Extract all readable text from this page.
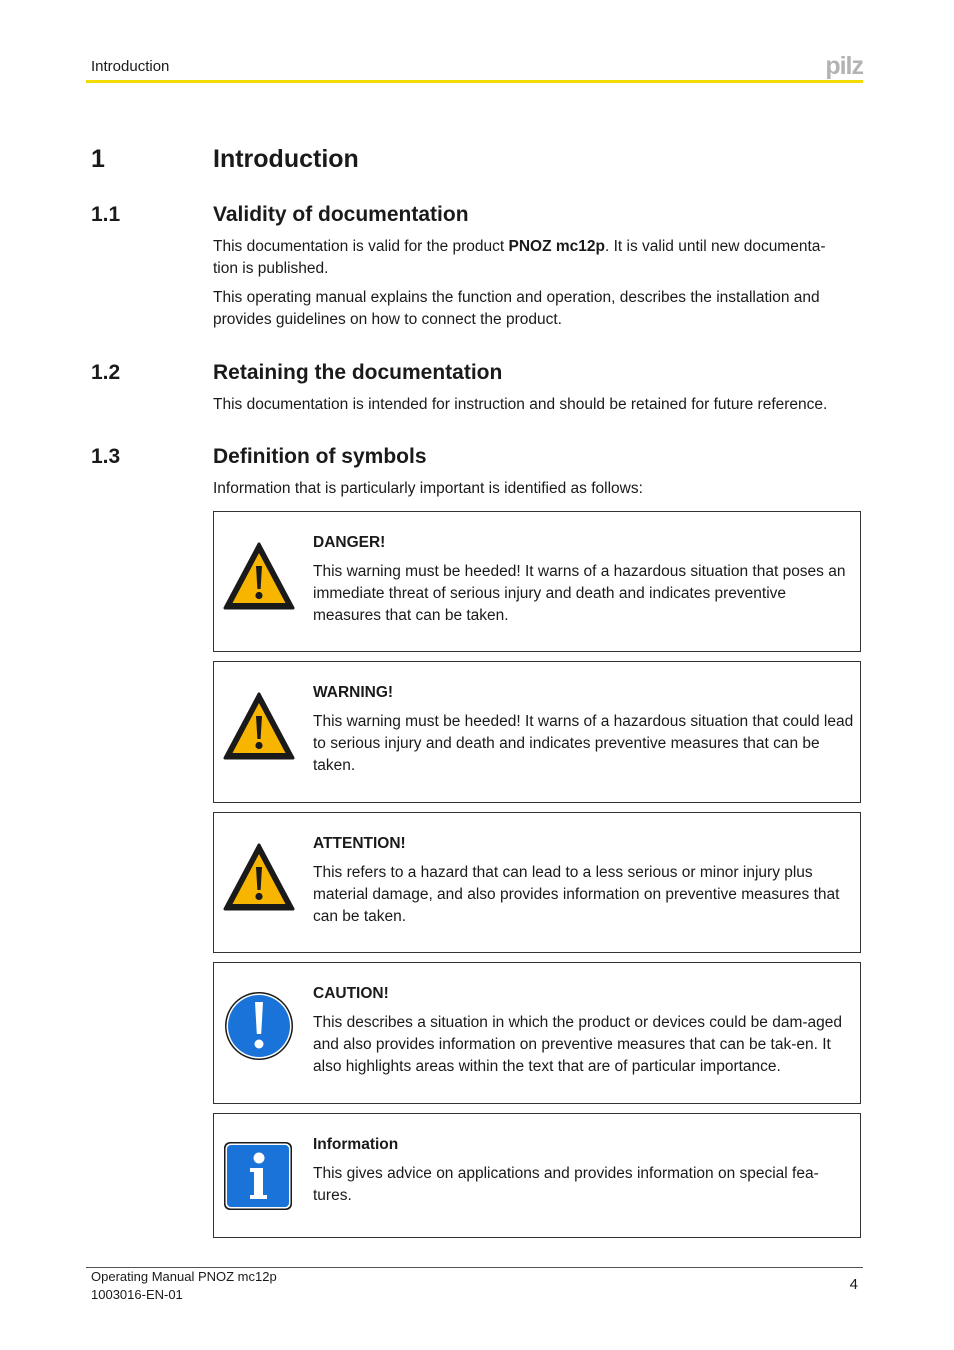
Introduction	pilz
1	Introduction
1.1	Validity of documentation

This documentation is valid for the product PNOZ mc12p. It is valid until new documenta-tion is published.

This operating manual explains the function and operation, describes the installation and provides guidelines on how to connect the product.

1.2	Retaining the documentation

This documentation is intended for instruction and should be retained for future reference.

1.3	Definition of symbols

Information that is particularly important is identified as follows:

DANGER!

This warning must be heeded! It warns of a hazardous situation that poses an immediate threat of serious injury and death and indicates preventive measures that can be taken.

WARNING!

This warning must be heeded! It warns of a hazardous situation that could lead to serious injury and death and indicates preventive measures that can be taken.

ATTENTION!

This refers to a hazard that can lead to a less serious or minor injury plus material damage, and also provides information on preventive measures that can be taken.

CAUTION!

This describes a situation in which the product or devices could be dam-aged and also provides information on preventive measures that can be tak-en. It also highlights areas within the text that are of particular importance.

Information

This gives advice on applications and provides information on special fea-tures.

Operating Manual PNOZ mc12p
1003016-EN-01
4
